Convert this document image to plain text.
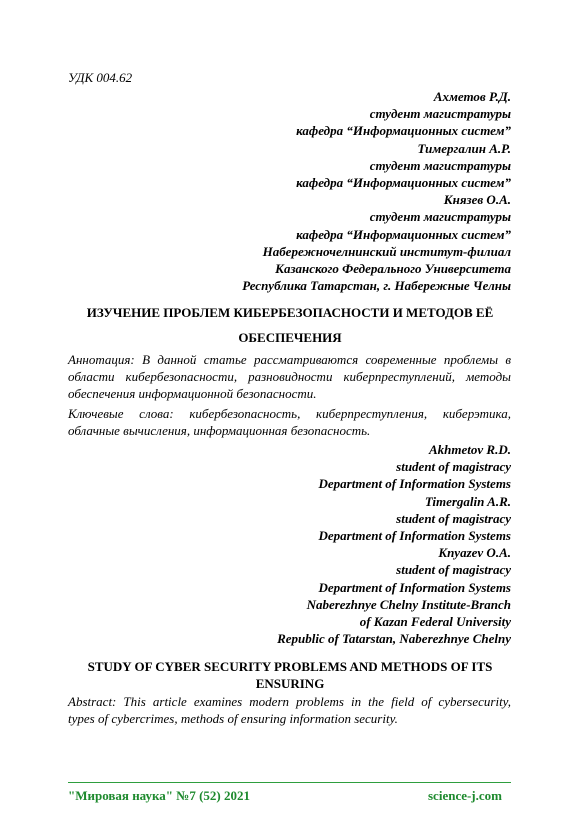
УДК 004.62
Ахметов Р.Д.
студент магистратуры
кафедра “Информационных систем”
Тимергалин А.Р.
студент магистратуры
кафедра “Информационных систем”
Князев О.А.
студент магистратуры
кафедра “Информационных систем”
Набережночелнинский институт-филиал
Казанского Федерального Университета
Республика Татарстан, г. Набережные Челны
ИЗУЧЕНИЕ ПРОБЛЕМ КИБЕРБЕЗОПАСНОСТИ И МЕТОДОВ ЕЁ
ОБЕСПЕЧЕНИЯ
Аннотация: В данной статье рассматриваются современные проблемы в
области кибербезопасности, разновидности киберпреступлений, методы
обеспечения информационной безопасности.
Ключевые слова: кибербезопасность, киберпреступления, киберэтика,
облачные вычисления, информационная безопасность.
Akhmetov R.D.
student of magistracy
Department of Information Systems
Timergalin A.R.
student of magistracy
Department of Information Systems
Knyazev O.A.
student of magistracy
Department of Information Systems
Naberezhnye Chelny Institute-Branch
of Kazan Federal University
Republic of Tatarstan, Naberezhnye Chelny
STUDY OF CYBER SECURITY PROBLEMS AND METHODS OF ITS
ENSURING
Abstract: This article examines modern problems in the field of cybersecurity,
types of cybercrimes, methods of ensuring information security.
"Мировая наука" №7 (52) 2021	science-j.com
